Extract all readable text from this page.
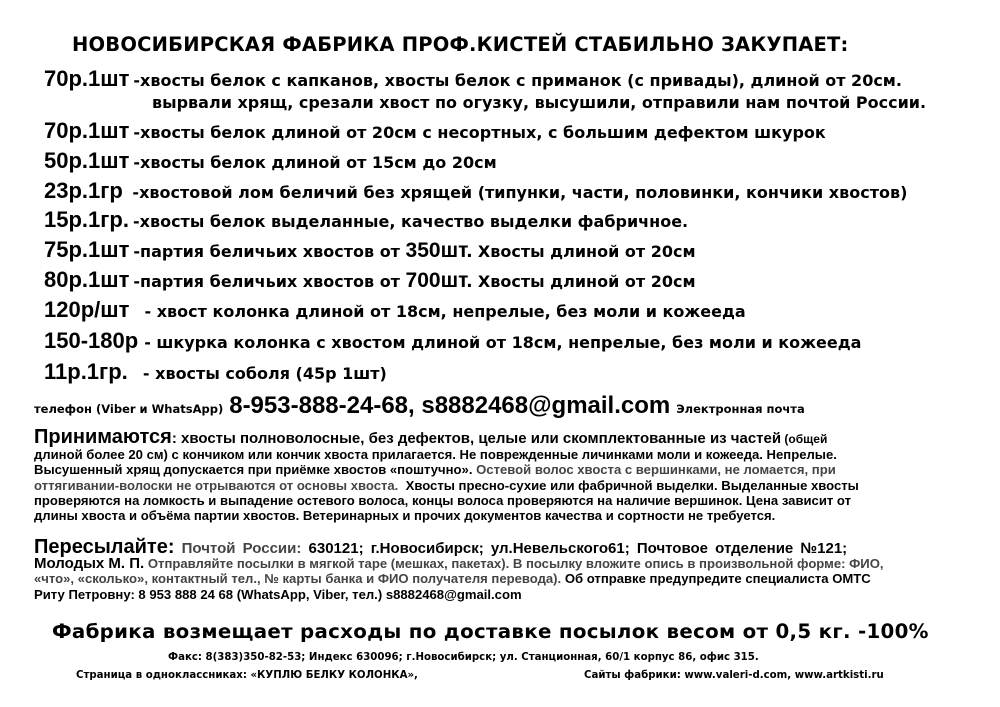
НОВОСИБИРСКАЯ ФАБРИКА ПРОФ.КИСТЕЙ СТАБИЛЬНО ЗАКУПАЕТ:
70р.1шт -хвосты белок с капканов, хвосты белок с приманок (с привады), длиной от 20см.
вырвали хрящ, срезали хвост по огузку, высушили, отправили нам почтой России.
70р.1шт -хвосты белок длиной от 20см с несортных, с большим дефектом шкурок
50р.1шт -хвосты белок длиной от 15см до 20см
23р.1гр -хвостовой лом беличий без хрящей (типунки, части, половинки, кончики хвостов)
15р.1гр. -хвосты белок выделанные, качество выделки фабричное.
75р.1шт -партия беличьих хвостов от 350шт. Хвосты длиной от 20см
80р.1шт -партия беличьих хвостов от 700шт. Хвосты длиной от 20см
120р/шт - хвост колонка длиной от 18см, непрелые, без моли и кожееда
150-180р - шкурка колонка с хвостом длиной от 18см, непрелые, без моли и кожееда
11р.1гр. - хвосты соболя (45р 1шт)
телефон (Viber и WhatsApp) 8-953-888-24-68, s8882468@gmail.com Электронная почта
Принимаются: хвосты полноволосные, без дефектов, целые или скомплектованные из частей (общей
длиной более 20 см) с кончиком или кончик хвоста прилагается. Не поврежденные личинками моли и кожееда. Непрелые.
Высушенный хрящ допускается при приёмке хвостов «поштучно». Остевой волос хвоста с вершинками, не ломается, при
оттягивании-волоски не отрываются от основы хвоста.  Хвосты пресно-сухие или фабричной выделки. Выделанные хвосты
проверяются на ломкость и выпадение остевого волоса, концы волоса проверяются на наличие вершинок. Цена зависит от
длины хвоста и объёма партии хвостов. Ветеринарных и прочих документов качества и сортности не требуется.
Пересылайте: Почтой России: 630121; г.Новосибирск; ул.Невельского61; Почтовое отделение №121;
Молодых М. П. Отправляйте посылки в мягкой таре (мешках, пакетах). В посылку вложите опись в произвольной форме: ФИО,
«что», «сколько», контактный тел., № карты банка и ФИО получателя перевода). Об отправке предупредите специалиста ОМТС
Риту Петровну: 8 953 888 24 68 (WhatsApp, Viber, тел.) s8882468@gmail.com
Фабрика возмещает расходы по доставке посылок весом от 0,5 кг. -100%
Факс: 8(383)350-82-53; Индекс 630096; г.Новосибирск; ул. Станционная, 60/1 корпус 86, офис 315.
Страница в одноклассниках: «КУПЛЮ БЕЛКУ КОЛОНКА»,	Сайты фабрики: www.valeri-d.com, www.artkisti.ru
